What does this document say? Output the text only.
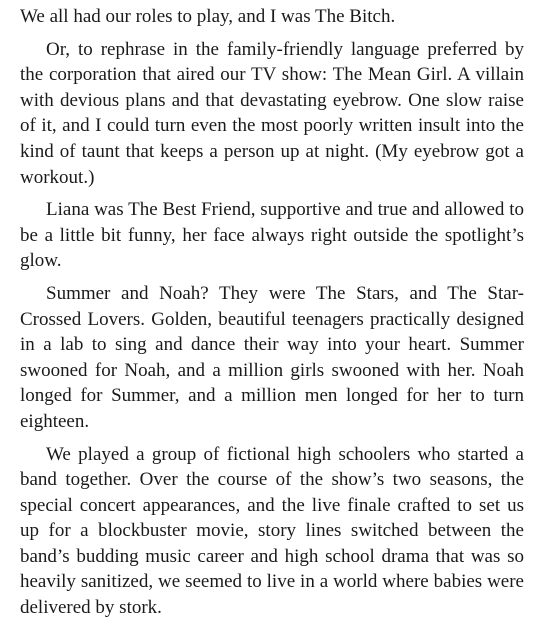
We all had our roles to play, and I was The Bitch.

Or, to rephrase in the family-friendly language preferred by the corporation that aired our TV show: The Mean Girl. A villain with devious plans and that devastating eyebrow. One slow raise of it, and I could turn even the most poorly written insult into the kind of taunt that keeps a person up at night. (My eyebrow got a workout.)

Liana was The Best Friend, supportive and true and allowed to be a little bit funny, her face always right outside the spotlight’s glow.

Summer and Noah? They were The Stars, and The Star-Crossed Lovers. Golden, beautiful teenagers practically designed in a lab to sing and dance their way into your heart. Summer swooned for Noah, and a million girls swooned with her. Noah longed for Summer, and a million men longed for her to turn eighteen.

We played a group of fictional high schoolers who started a band together. Over the course of the show’s two seasons, the special concert appearances, and the live finale crafted to set us up for a blockbuster movie, story lines switched between the band’s budding music career and high school drama that was so heavily sanitized, we seemed to live in a world where babies were delivered by stork.
